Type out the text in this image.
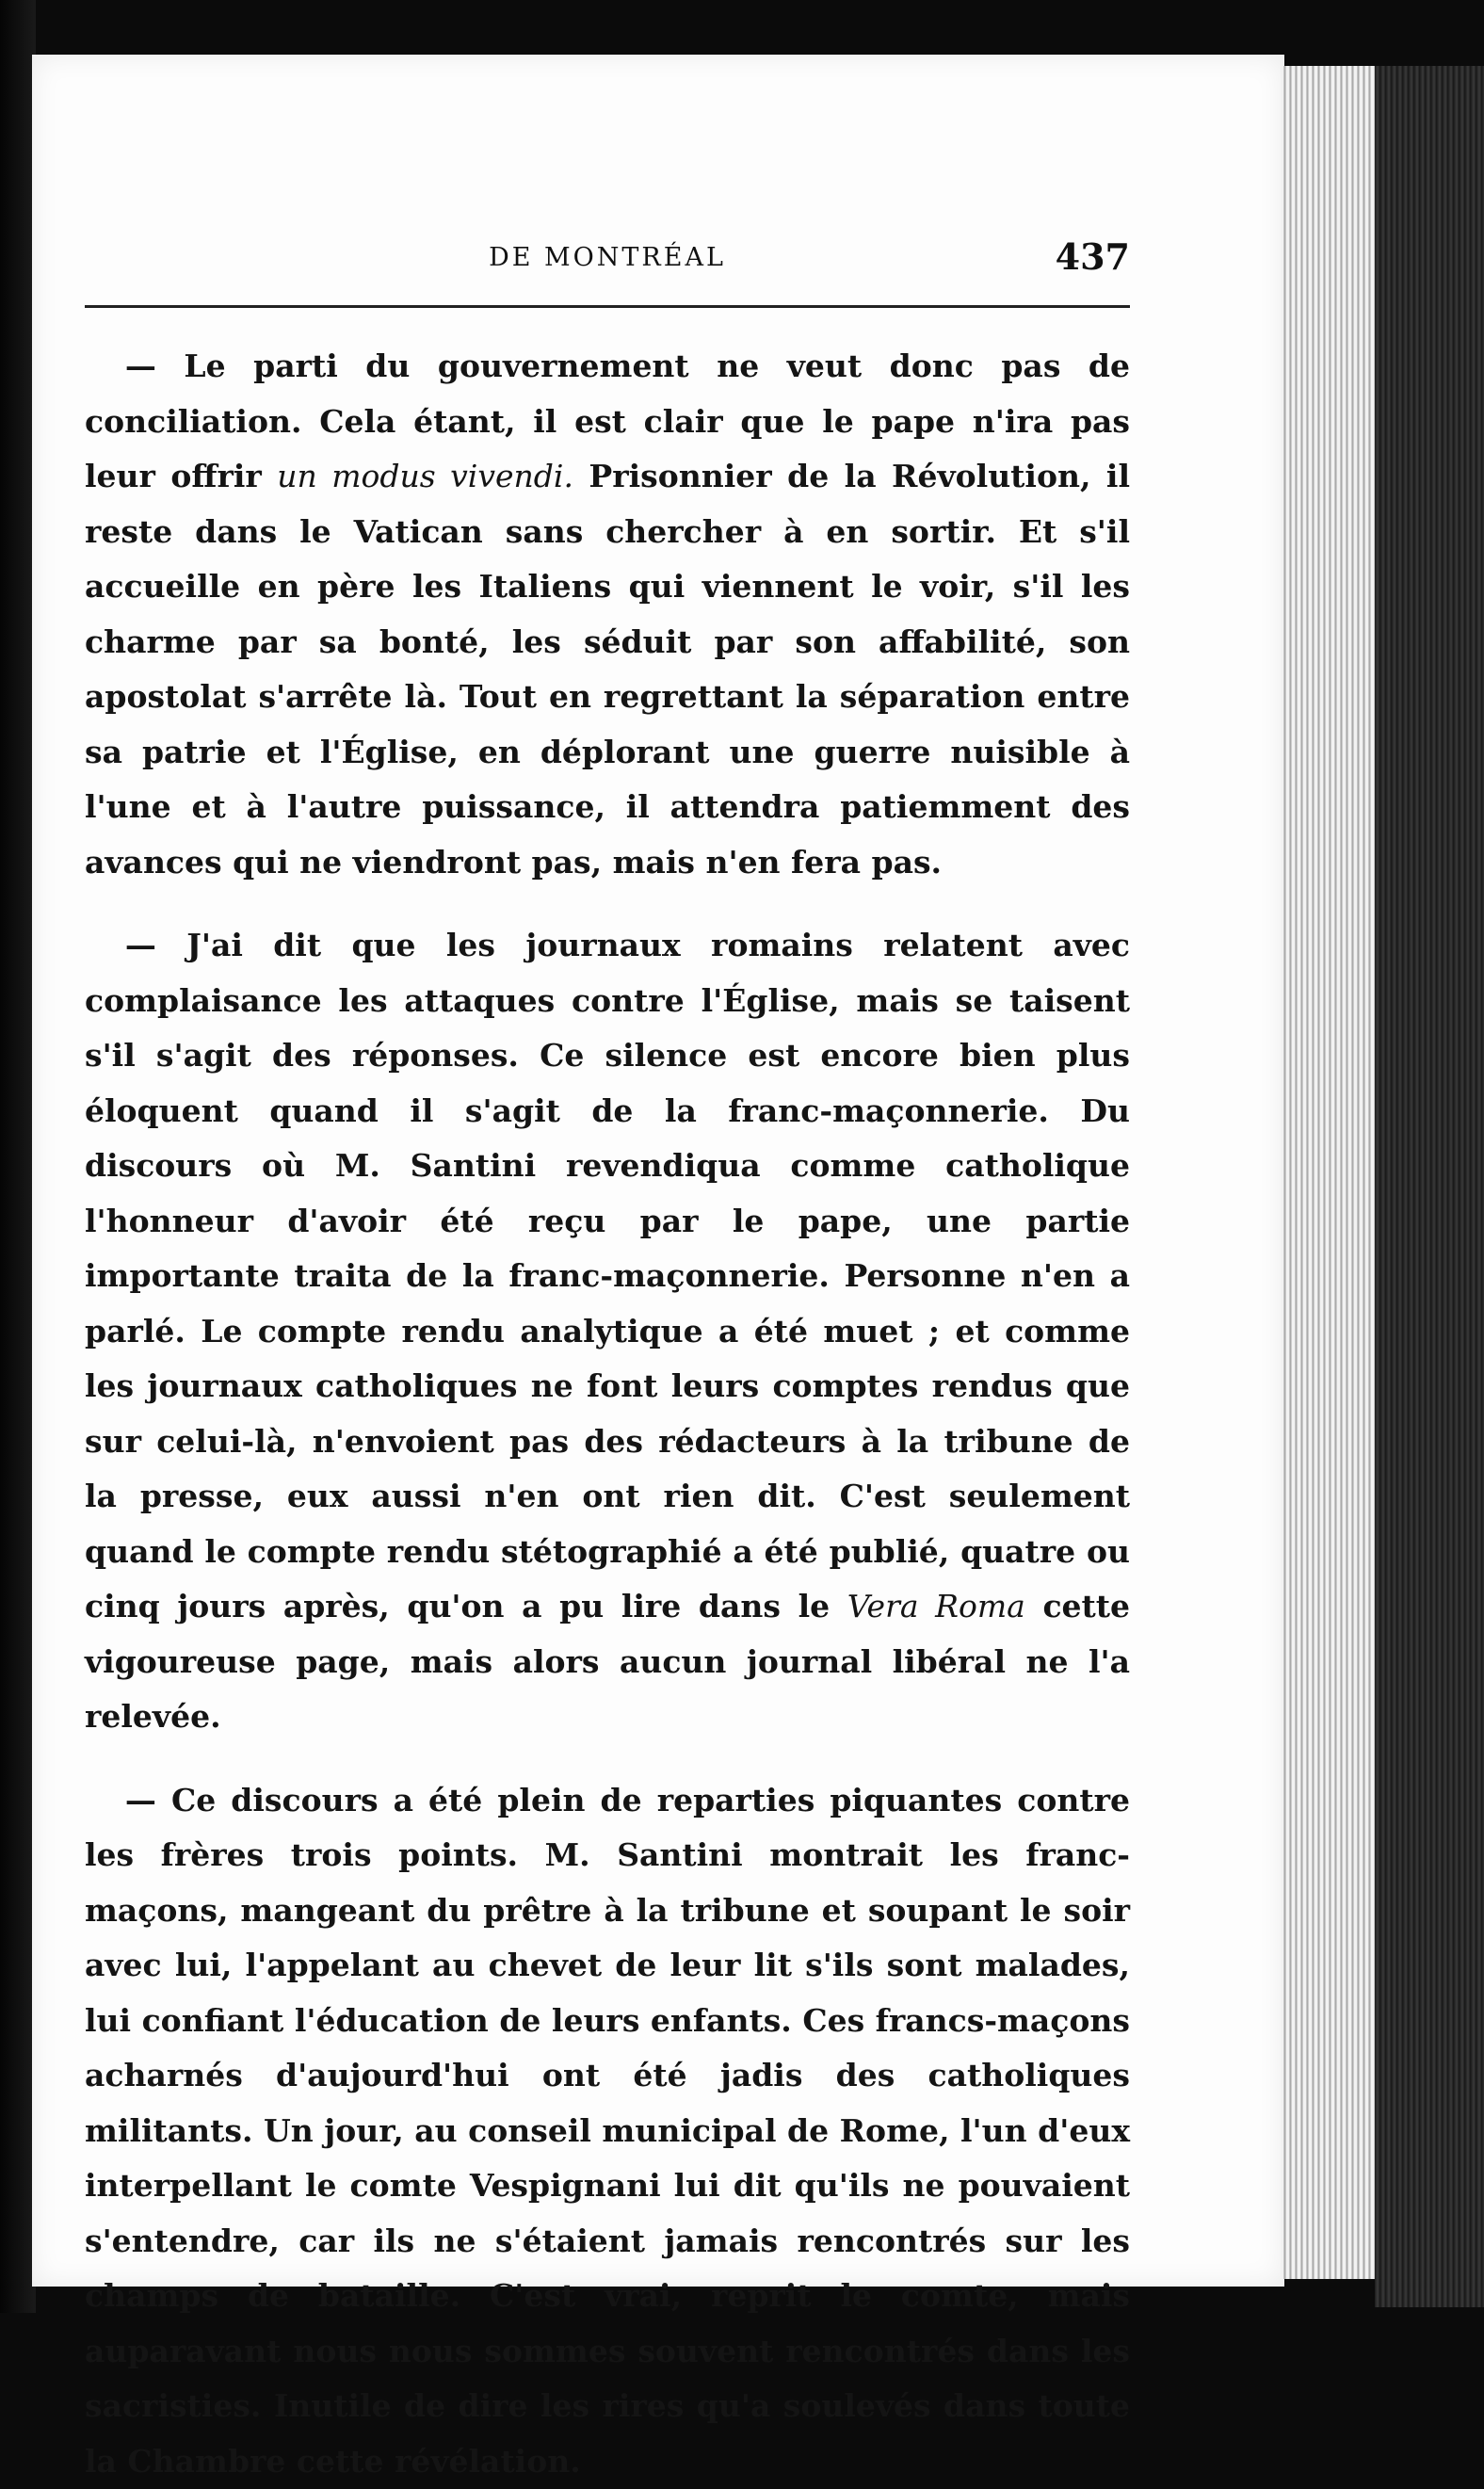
DE MONTRÉAL	437

— Le parti du gouvernement ne veut donc pas de conciliation. Cela étant, il est clair que le pape n'ira pas leur offrir un modus vivendi. Prisonnier de la Révolution, il reste dans le Vatican sans chercher à en sortir. Et s'il accueille en père les Italiens qui viennent le voir, s'il les charme par sa bonté, les séduit par son affabilité, son apostolat s'arrête là. Tout en regrettant la séparation entre sa patrie et l'Église, en déplorant une guerre nuisible à l'une et à l'autre puissance, il attendra patiemment des avances qui ne viendront pas, mais n'en fera pas.

— J'ai dit que les journaux romains relatent avec complaisance les attaques contre l'Église, mais se taisent s'il s'agit des réponses. Ce silence est encore bien plus éloquent quand il s'agit de la franc-maçonnerie. Du discours où M. Santini revendiqua comme catholique l'honneur d'avoir été reçu par le pape, une partie importante traita de la franc-maçonnerie. Personne n'en a parlé. Le compte rendu analytique a été muet ; et comme les journaux catholiques ne font leurs comptes rendus que sur celui-là, n'envoient pas des rédacteurs à la tribune de la presse, eux aussi n'en ont rien dit. C'est seulement quand le compte rendu stétographié a été publié, quatre ou cinq jours après, qu'on a pu lire dans le Vera Roma cette vigoureuse page, mais alors aucun journal libéral ne l'a relevée.

— Ce discours a été plein de reparties piquantes contre les frères trois points. M. Santini montrait les franc-maçons, mangeant du prêtre à la tribune et soupant le soir avec lui, l'appelant au chevet de leur lit s'ils sont malades, lui confiant l'éducation de leurs enfants. Ces francs-maçons acharnés d'aujourd'hui ont été jadis des catholiques militants. Un jour, au conseil municipal de Rome, l'un d'eux interpellant le comte Vespignani lui dit qu'ils ne pouvaient s'entendre, car ils ne s'étaient jamais rencontrés sur les champs de bataille. C'est vrai, reprit le comte, mais auparavant nous nous sommes souvent rencontrés dans les sacristies. Inutile de dire les rires qu'a soulevés dans toute la Chambre cette révélation.
